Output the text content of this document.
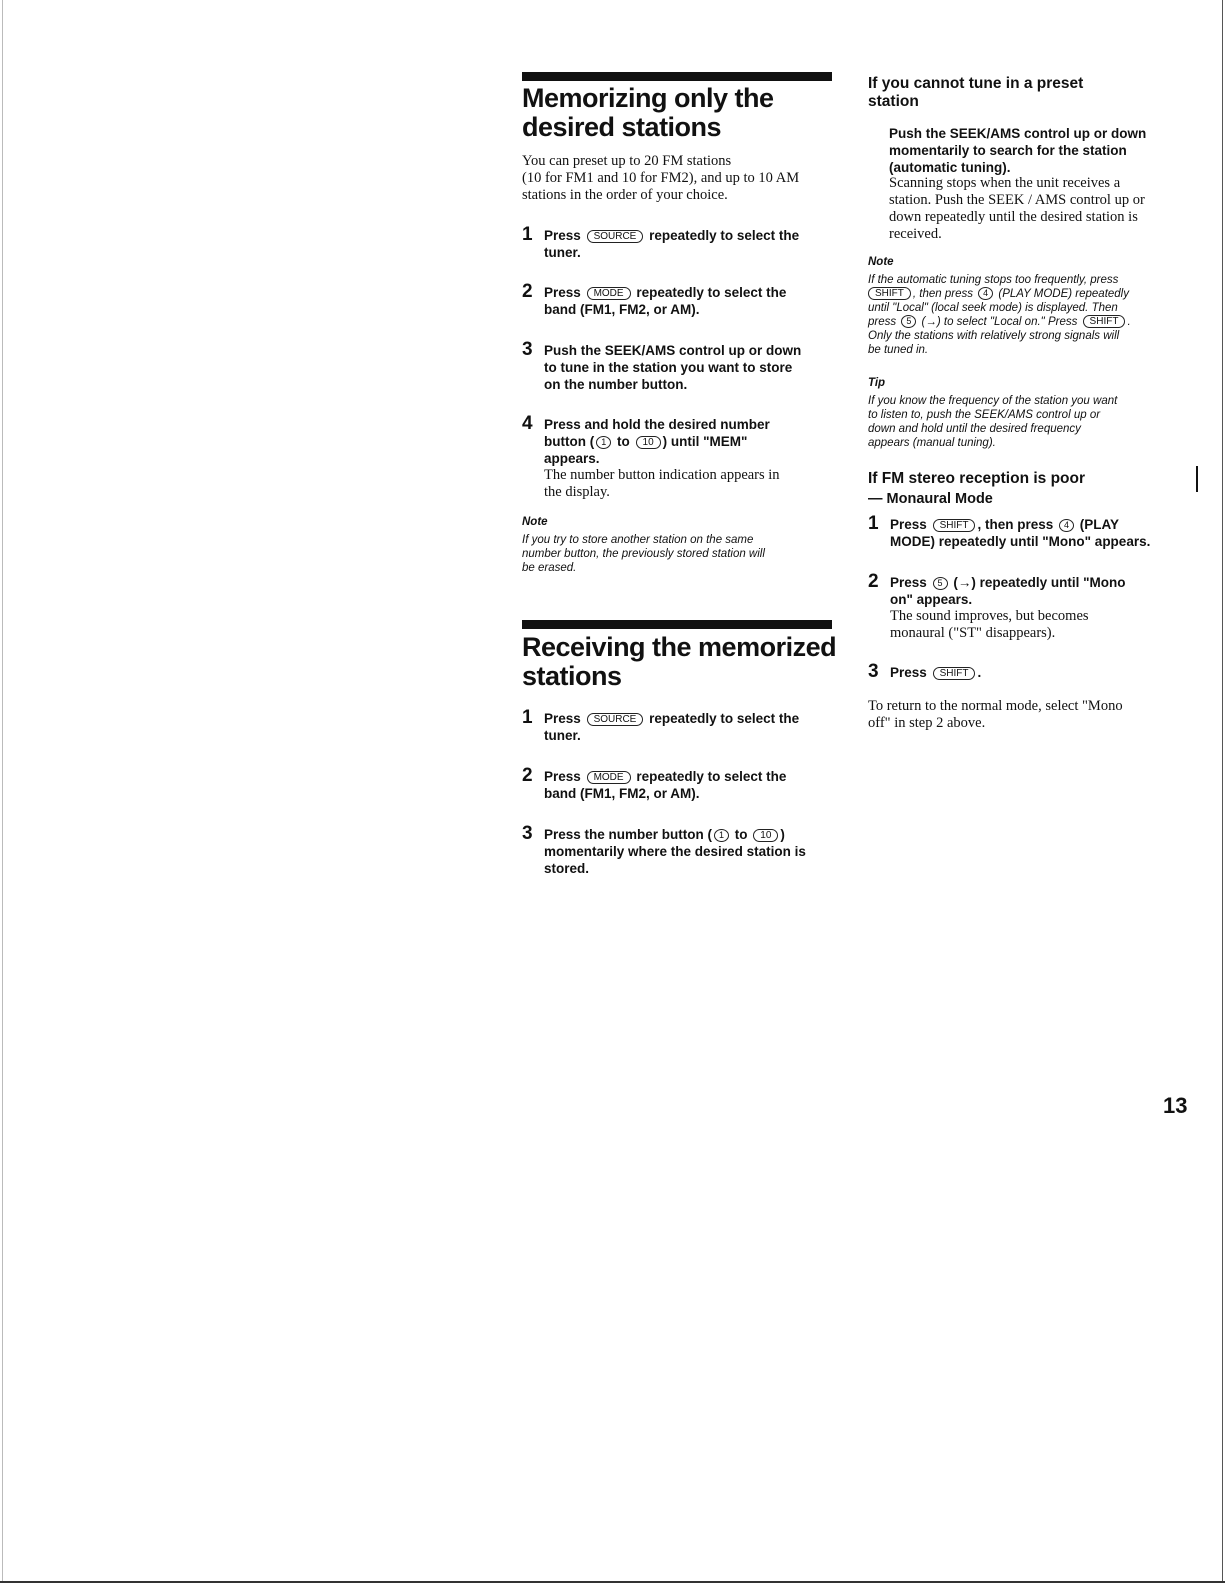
Memorizing only the
desired stations

You can preset up to 20 FM stations
(10 for FM1 and 10 for FM2), and up to 10 AM
stations in the order of your choice.

1 Press SOURCE repeatedly to select the
tuner.
2 Press MODE repeatedly to select the
band (FM1, FM2, or AM).
3 Push the SEEK/AMS control up or down
to tune in the station you want to store
on the number button.
4 Press and hold the desired number
button ( 1 to 10 ) until "MEM"
appears.
The number button indication appears in
the display.

Note

If you try to store another station on the same
number button, the previously stored station will
be erased.

Receiving the memorized
stations
1 Press SOURCE repeatedly to select the
tuner.
2 Press MODE repeatedly to select the
band (FM1, FM2, or AM).
3 Press the number button ( 1 to 10 )
momentarily where the desired station is
stored.
If you cannot tune in a preset
station

Push the SEEK/AMS control up or down
momentarily to search for the station
(automatic tuning).

Scanning stops when the unit receives a
station. Push the SEEK / AMS control up or
down repeatedly until the desired station is
received.

Note

If the automatic tuning stops too frequently, press
SHIFT , then press 4 (PLAY MODE) repeatedly
until "Local" (local seek mode) is displayed. Then
press 5 (→) to select "Local on." Press SHIFT .
Only the stations with relatively strong signals will
be tuned in.

Tip

If you know the frequency of the station you want
to listen to, push the SEEK/AMS control up or
down and hold until the desired frequency
appears (manual tuning).

If FM stereo reception is poor

— Monaural Mode

1 Press SHIFT , then press 4 (PLAY
MODE) repeatedly until "Mono" appears.
2 Press 5 (→) repeatedly until "Mono
on" appears.
The sound improves, but becomes
monaural ("ST" disappears).
3 Press SHIFT .

To return to the normal mode, select "Mono
off" in step 2 above.

13
